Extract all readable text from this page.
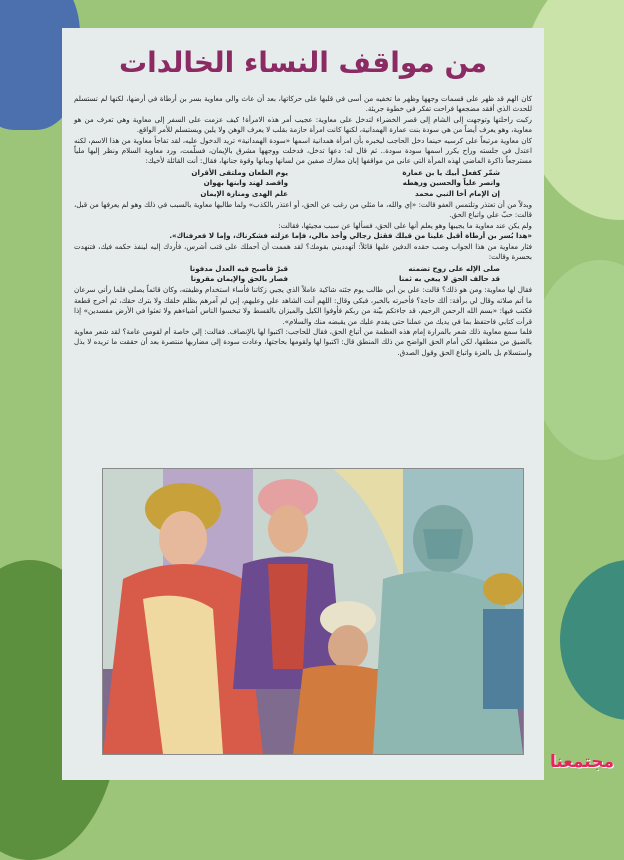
من مواقف النساء الخالدات

كان الهم قد ظهر على قسمات وجهها وظهر ما تخفيه من أسى في قلبها على حركاتها، بعد أن عاث والي معاوية بسر بن أرطاة في أرضها، لكنها لم تستسلم للحدث الذي أفقد مضجعها فراحت تفكر في خطوة جريئة.

ركبت راحلتها وتوجهت إلى الشام إلى قصر الخضراء لتدخل على معاوية: عجيب أمر هذه الامرأة! كيف عزمت على السفر إلى معاوية وهي تعرف من هو معاوية، وهو يعرف أيضاً من هي سودة بنت عمارة الهمدانية، لكنها كانت امرأة حازمة بقلب لا يعرف الوهن ولا يلين ويستسلم للأمر الواقع.

كان معاوية مرتبعاً على كرسيه حينما دخل الحاجب ليخبره بأن امرأة همدانية اسمها «سودة الهمدانية» تريد الدخول عليه، لقد تفاجأ معاوية من هذا الاسم، لكنه اعتدل في جلسته وراح يكرر اسمها سودة سودة.. ثم قال له: دعها تدخل، فدخلت ووجهها مشرق بالإيمان، فسلّمت، ورد معاوية السلام ونظر إليها ملياً مسترجعاً ذاكرة الماضي لهذه المرأة التي عانى من مواقفها إبان معارك صفين من لسانها وبيانها وقوة جنانها، فقال: أنت القائلة لأخيك:

شمّر كفعل أبيك يا بن عمارة
يوم الطعان وملتقى الأقران
وانصر علياً والحسين ورهطه
واقصد لهند وابنها بهوان
إن الإمام أخا النبي محمد
علم الهدى ومنارة الإيمان

وبدلاً من أن تعتذر وتلتمس العفو قالت: «إي والله، ما مثلي من رغب عن الحق، أو اعتذر بالكذب» ولما طالبها معاوية بالسبب في ذلك وهو لم يعرفها من قبل، قالت: حبّ علي واتباع الحق.

ولم يكن عند معاوية ما يجيبها وهو يعلم أنها على الحق، فسألها عن سبب مجيئها، فقالت:

«هذا بُسر بن أرطاة أقبل علينا من قبلك فقتل رجالي وأخذ مالي، فإما عزلته فشكرناك، وإما لا فعرفناك».

فثار معاوية من هذا الجواب وصب حقده الدفين عليها قائلاً: أتهدديني بقومك؟ لقد هممت أن أحملك على قتب أشرس، فأردك إليه لينفذ حكمه فيك، فتنهدت بحسرة وقالت:

صلى الإله على روح تضمنه
قبرٌ فأصبح فيه العدل مدفونا
قد حالف الحق لا يبغي به ثمنا
فصار بالحق والإيمان مقرونا

فقال لها معاوية: ومن هو ذلك؟ قالت: علي بن أبي طالب يوم جئته شاكية عاملاً الذي يجبي زكاتنا فأساء استخدام وظيفته، وكان قائماً يصلي فلما رأني سرعان ما أتم صلاته وقال لي برأفة: ألك حاجة؟ فأخبرته بالخبر، فبكى وقال: اللهم أنت الشاهد علي وعليهم، إني لم آمرهم بظلم خلقك ولا بترك حقك، ثم أخرج قطعة فكتب فيها: «بسم الله الرحمن الرحيم، قد جاءتكم بيّنة من ربكم فأوفوا الكيل والميزان بالقسط ولا تبخسوا الناس أشياءهم ولا تعثوا في الأرض مفسدين» إذا قرأت كتابي فاحتفظ بما في يديك من عملنا حتى يقدم عليك من يقبضه منك والسلام».

فلما سمع معاوية ذلك شعر بالمرارة إمام هذه العظمة من أتباع الحق، فقال للحاجب: اكتبوا لها بالإنصاف. فقالت: إلي خاصة أم لقومي عامة؟ لقد شعر معاوية بالضيق من منطقها، لكن أمام الحق الواضح من ذلك المنطق قال: اكتبوا لها ولقومها بحاجتها، وعادت سودة إلى مضاربها منتصرة بعد أن حققت ما تريده لا بذل واستسلام بل بالعزة واتباع الحق وقول الصدق.

مجتمعنا
